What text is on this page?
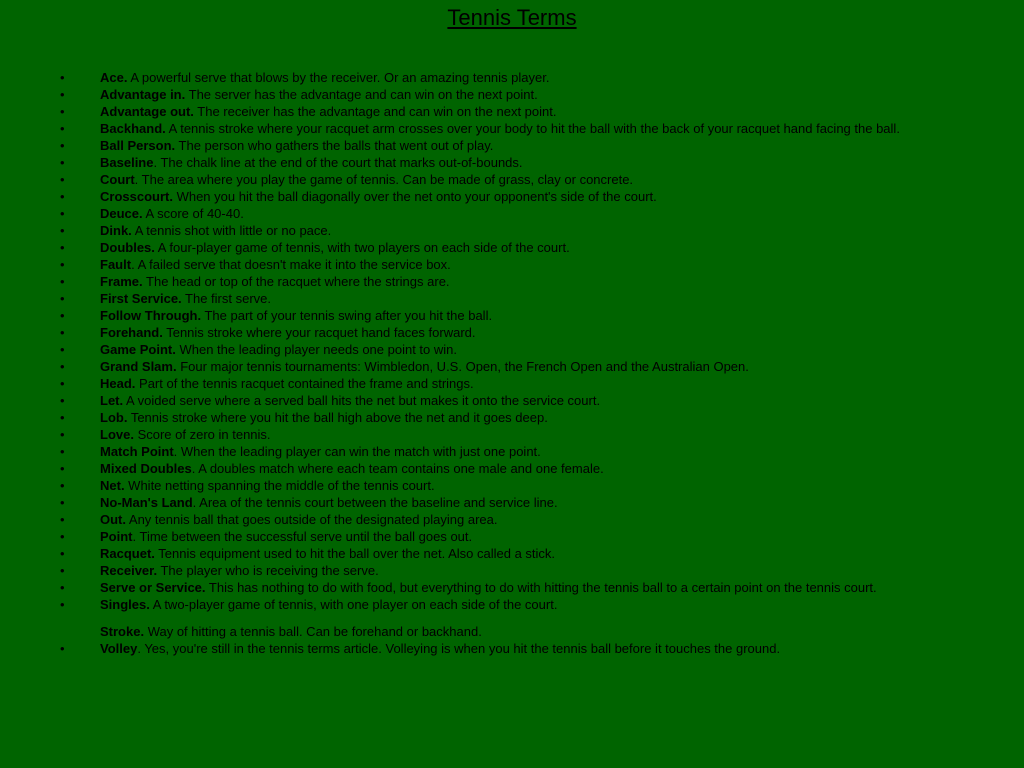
Tennis Terms
•	Ace. A powerful serve that blows by the receiver. Or an amazing tennis player.
•	Advantage in. The server has the advantage and can win on the next point.
•	Advantage out. The receiver has the advantage and can win on the next point.
•	Backhand. A tennis stroke where your racquet arm crosses over your body to hit the ball with the back of your racquet hand facing the ball.
•	Ball Person. The person who gathers the balls that went out of play.
•	Baseline. The chalk line at the end of the court that marks out-of-bounds.
•	Court. The area where you play the game of tennis. Can be made of grass, clay or concrete.
•	Crosscourt. When you hit the ball diagonally over the net onto your opponent's side of the court.
•	Deuce. A score of 40-40.
•	Dink. A tennis shot with little or no pace.
•	Doubles. A four-player game of tennis, with two players on each side of the court.
•	Fault. A failed serve that doesn't make it into the service box.
•	Frame. The head or top of the racquet where the strings are.
•	First Service. The first serve.
•	Follow Through. The part of your tennis swing after you hit the ball.
•	Forehand. Tennis stroke where your racquet hand faces forward.
•	Game Point. When the leading player needs one point to win.
•	Grand Slam. Four major tennis tournaments: Wimbledon, U.S. Open, the French Open and the Australian Open.
•	Head. Part of the tennis racquet contained the frame and strings.
•	Let. A voided serve where a served ball hits the net but makes it onto the service court.
•	Lob. Tennis stroke where you hit the ball high above the net and it goes deep.
•	Love. Score of zero in tennis.
•	Match Point. When the leading player can win the match with just one point.
•	Mixed Doubles. A doubles match where each team contains one male and one female.
•	Net. White netting spanning the middle of the tennis court.
•	No-Man's Land. Area of the tennis court between the baseline and service line.
•	Out. Any tennis ball that goes outside of the designated playing area.
•	Point. Time between the successful serve until the ball goes out.
•	Racquet. Tennis equipment used to hit the ball over the net. Also called a stick.
•	Receiver. The player who is receiving the serve.
•	Serve or Service. This has nothing to do with food, but everything to do with hitting the tennis ball to a certain point on the tennis court.
•	Singles. A two-player game of tennis, with one player on each side of the court.
Stroke. Way of hitting a tennis ball. Can be forehand or backhand.
•	Volley. Yes, you're still in the tennis terms article. Volleying is when you hit the tennis ball before it touches the ground.
